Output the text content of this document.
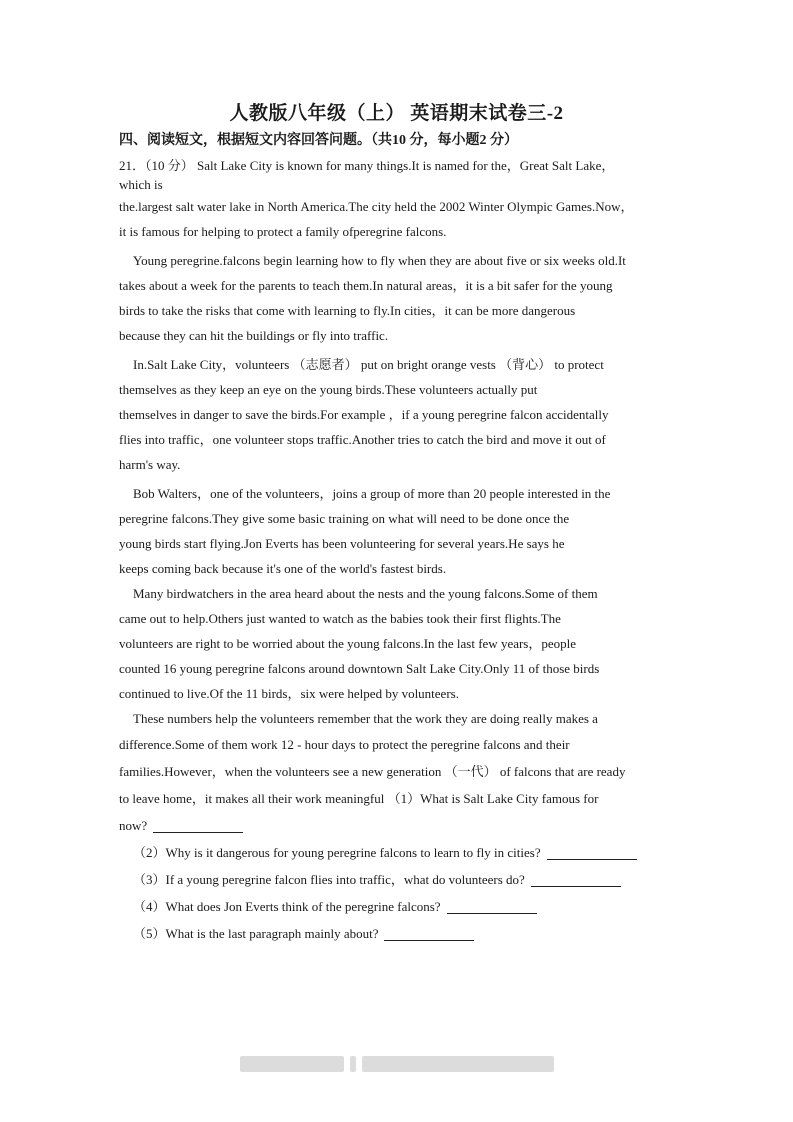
人教版八年级（上） 英语期末试卷三-2
四、阅读短文，根据短文内容回答问题。（共10 分，每小题2 分）
21．（10 分） Salt Lake City is known for many things.It is named for the，Great Salt Lake，
which is
the.largest salt water lake in North America.The city held the 2002 Winter Olympic Games.Now，
it is famous for helping to protect a family ofperegrine falcons.
Young peregrine.falcons begin learning how to fly when they are about five or six weeks old.It
takes about a week for the parents to teach them.In natural areas，it is a bit safer for the young
birds to take the risks that come with learning to fly.In cities，it can be more dangerous
because they can hit the buildings or fly into traffic.
In.Salt Lake City，volunteers （志愿者） put on bright orange vests （背心） to protect
themselves as they keep an eye on the young birds.These volunteers actually put
themselves in danger to save the birds.For example ，if a young peregrine falcon accidentally
flies into traffic，one volunteer stops traffic.Another tries to catch the bird and move it out of
harm's way.
Bob Walters，one of the volunteers，joins a group of more than 20 people interested in the
peregrine falcons.They give some basic training on what will need to be done once the
young birds start flying.Jon Everts has been volunteering for several years.He says he
keeps coming back because it's one of the world's fastest birds.
Many birdwatchers in the area heard about the nests and the young falcons.Some of them
came out to help.Others just wanted to watch as the babies took their first flights.The
volunteers are right to be worried about the young falcons.In the last few years，people
counted 16 young peregrine falcons around downtown Salt Lake City.Only 11 of those birds
continued to live.Of the 11 birds，six were helped by volunteers.
These numbers help the volunteers remember that the work they are doing really makes a
difference.Some of them work 12 - hour days to protect the peregrine falcons and their
families.However，when the volunteers see a new generation （一代） of falcons that are ready
to leave home，it makes all their work meaningful （1）What is Salt Lake City famous for
now?
（2）Why is it dangerous for young peregrine falcons to learn to fly in cities?
（3）If a young peregrine falcon flies into traffic，what do volunteers do?
（4）What does Jon Everts think of the peregrine falcons?
（5）What is the last paragraph mainly about?
